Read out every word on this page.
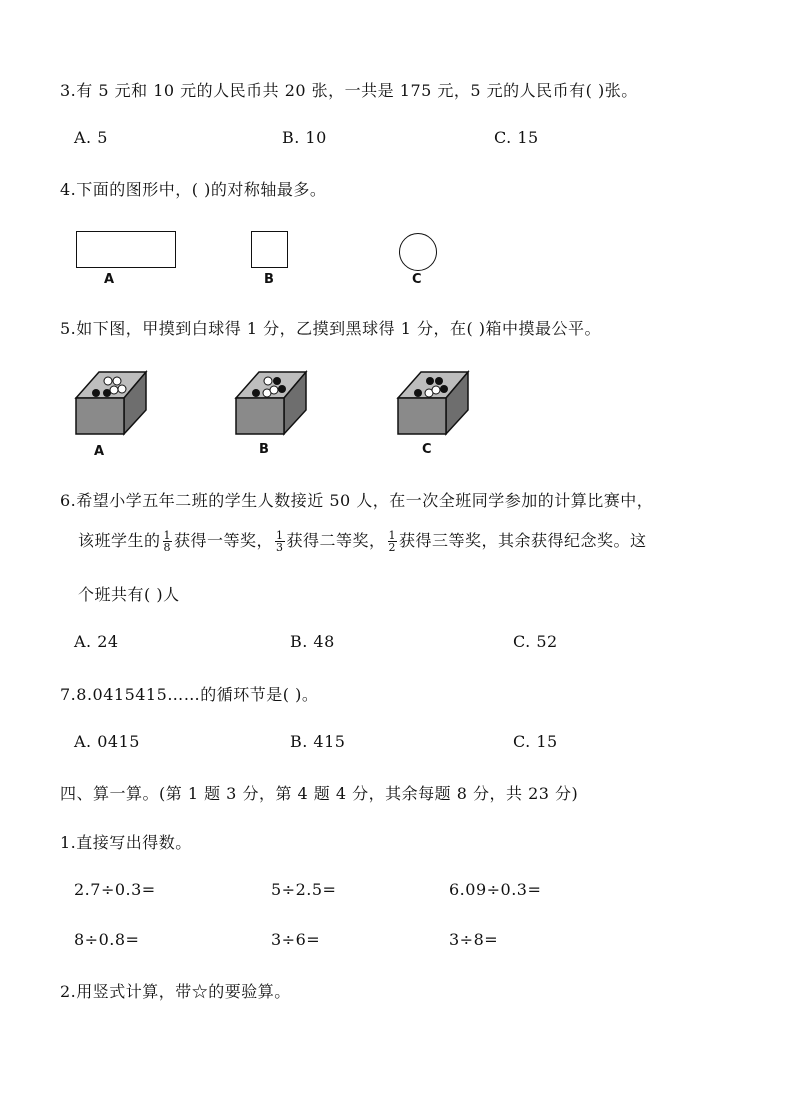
3.有 5 元和 10 元的人民币共 20 张，一共是 175 元，5 元的人民币有( )张。
A. 5	B. 10	C. 15
4.下面的图形中，( )的对称轴最多。
A	B	C
5.如下图，甲摸到白球得 1 分，乙摸到黑球得 1 分，在( )箱中摸最公平。
A	B	C
6.希望小学五年二班的学生人数接近 50 人，在一次全班同学参加的计算比赛中，
该班学生的 $\frac{1}{8}$ 获得一等奖， $\frac{1}{3}$ 获得二等奖， $\frac{1}{2}$ 获得三等奖，其余获得纪念奖。这
个班共有( )人
A. 24	B. 48	C. 52
7.8.0415415……的循环节是( )。
A. 0415	B. 415	C. 15
四、算一算。(第 1 题 3 分，第 4 题 4 分，其余每题 8 分，共 23 分)
1.直接写出得数。
2.7÷0.3=	5÷2.5=	6.09÷0.3=
8÷0.8=	3÷6=	3÷8=
2.用竖式计算，带☆的要验算。
